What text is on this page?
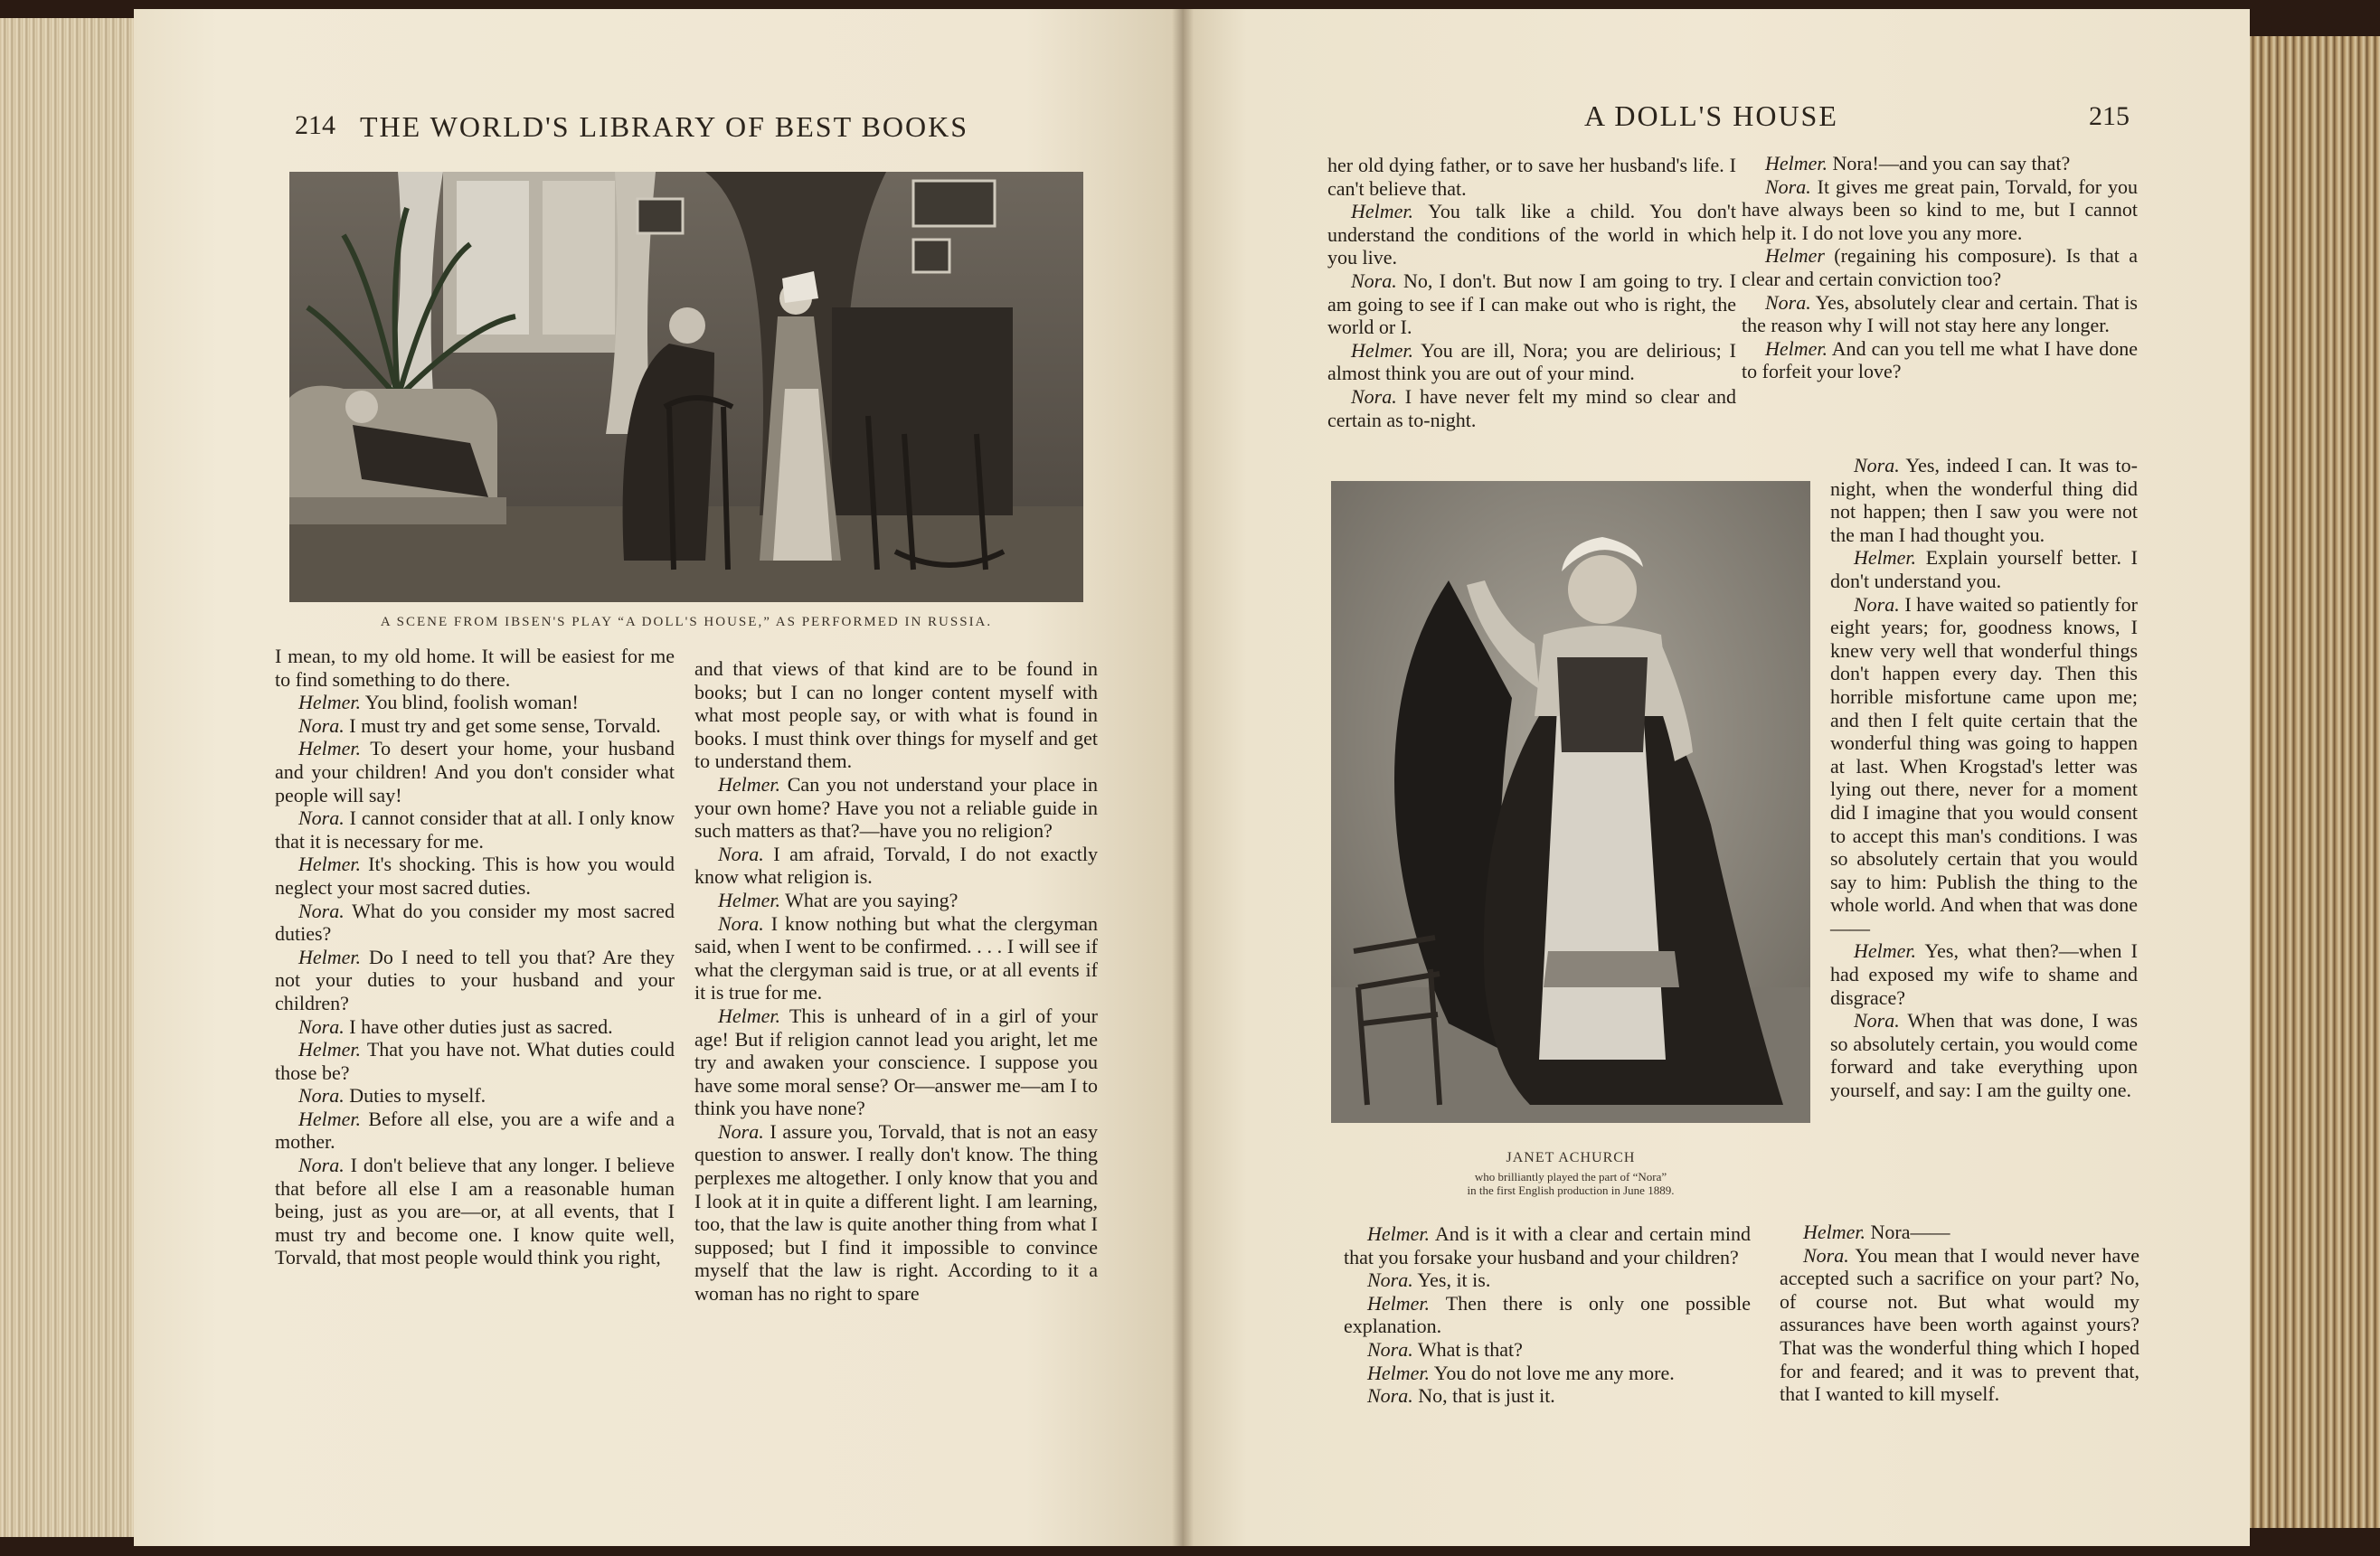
214 THE WORLD'S LIBRARY OF BEST BOOKS
A SCENE FROM IBSEN'S PLAY “A DOLL'S HOUSE,” AS PERFORMED IN RUSSIA.

I mean, to my old home. It will be easiest for me to find something to do there.

Helmer. You blind, foolish woman!

Nora. I must try and get some sense, Torvald.

Helmer. To desert your home, your husband and your children! And you don't consider what people will say!

Nora. I cannot consider that at all. I only know that it is necessary for me.

Helmer. It's shocking. This is how you would neglect your most sacred duties.

Nora. What do you consider my most sacred duties?

Helmer. Do I need to tell you that? Are they not your duties to your husband and your children?

Nora. I have other duties just as sacred.

Helmer. That you have not. What duties could those be?

Nora. Duties to myself.

Helmer. Before all else, you are a wife and a mother.

Nora. I don't believe that any longer. I believe that before all else I am a reasonable human being, just as you are—or, at all events, that I must try and become one. I know quite well, Torvald, that most people would think you right,

and that views of that kind are to be found in books; but I can no longer content myself with what most people say, or with what is found in books. I must think over things for myself and get to understand them.

Helmer. Can you not understand your place in your own home? Have you not a reliable guide in such matters as that?—have you no religion?

Nora. I am afraid, Torvald, I do not exactly know what religion is.

Helmer. What are you saying?

Nora. I know nothing but what the clergyman said, when I went to be confirmed. . . . I will see if what the clergyman said is true, or at all events if it is true for me.

Helmer. This is unheard of in a girl of your age! But if religion cannot lead you aright, let me try and awaken your conscience. I suppose you have some moral sense? Or—answer me—am I to think you have none?

Nora. I assure you, Torvald, that is not an easy question to answer. I really don't know. The thing perplexes me altogether. I only know that you and I look at it in quite a different light. I am learning, too, that the law is quite another thing from what I supposed; but I find it impossible to convince myself that the law is right. According to it a woman has no right to spare

A DOLL'S HOUSE	215

her old dying father, or to save her husband's life. I can't believe that.

Helmer. You talk like a child. You don't understand the conditions of the world in which you live.

Nora. No, I don't. But now I am going to try. I am going to see if I can make out who is right, the world or I.

Helmer. You are ill, Nora; you are delirious; I almost think you are out of your mind.

Nora. I have never felt my mind so clear and certain as to-night.

JANET ACHURCH
who brilliantly played the part of “Nora”
in the first English production in June 1889.

Helmer. And is it with a clear and certain mind that you forsake your husband and your children?

Nora. Yes, it is.

Helmer. Then there is only one possible explanation.

Nora. What is that?

Helmer. You do not love me any more.

Nora. No, that is just it.

Helmer. Nora!—and you can say that?

Nora. It gives me great pain, Torvald, for you have always been so kind to me, but I cannot help it. I do not love you any more.

Helmer (regaining his composure). Is that a clear and certain conviction too?

Nora. Yes, absolutely clear and certain. That is the reason why I will not stay here any longer.

Helmer. And can you tell me what I have done to forfeit your love?

Nora. Yes, indeed I can. It was to-night, when the wonderful thing did not happen; then I saw you were not the man I had thought you.

Helmer. Explain yourself better. I don't understand you.

Nora. I have waited so patiently for eight years; for, goodness knows, I knew very well that wonderful things don't happen every day. Then this horrible misfortune came upon me; and then I felt quite certain that the wonderful thing was going to happen at last. When Krogstad's letter was lying out there, never for a moment did I imagine that you would consent to accept this man's conditions. I was so absolutely certain that you would say to him: Publish the thing to the whole world. And when that was done——

Helmer. Yes, what then?—when I had exposed my wife to shame and disgrace?

Nora. When that was done, I was so absolutely certain, you would come forward and take everything upon yourself, and say: I am the guilty one.

Helmer. Nora——

Nora. You mean that I would never have accepted such a sacrifice on your part? No, of course not. But what would my assurances have been worth against yours? That was the wonderful thing which I hoped for and feared; and it was to prevent that, that I wanted to kill myself.
